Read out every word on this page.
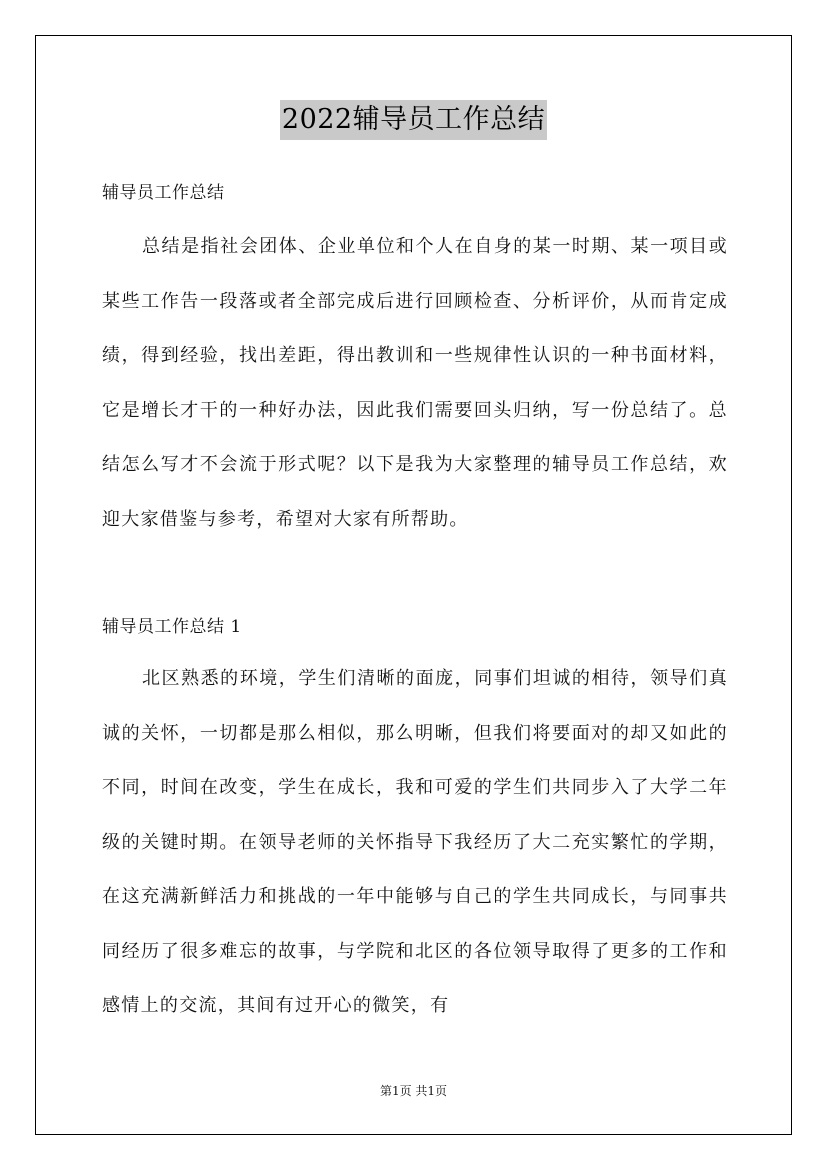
2022辅导员工作总结
辅导员工作总结

总结是指社会团体、企业单位和个人在自身的某一时期、某一项目或某些工作告一段落或者全部完成后进行回顾检查、分析评价，从而肯定成绩，得到经验，找出差距，得出教训和一些规律性认识的一种书面材料，它是增长才干的一种好办法，因此我们需要回头归纳，写一份总结了。总结怎么写才不会流于形式呢？以下是我为大家整理的辅导员工作总结，欢迎大家借鉴与参考，希望对大家有所帮助。

辅导员工作总结 1

北区熟悉的环境，学生们清晰的面庞，同事们坦诚的相待，领导们真诚的关怀，一切都是那么相似，那么明晰，但我们将要面对的却又如此的不同，时间在改变，学生在成长，我和可爱的学生们共同步入了大学二年级的关键时期。在领导老师的关怀指导下我经历了大二充实繁忙的学期，在这充满新鲜活力和挑战的一年中能够与自己的学生共同成长，与同事共同经历了很多难忘的故事，与学院和北区的各位领导取得了更多的工作和感情上的交流，其间有过开心的微笑，有

第1页 共1页
